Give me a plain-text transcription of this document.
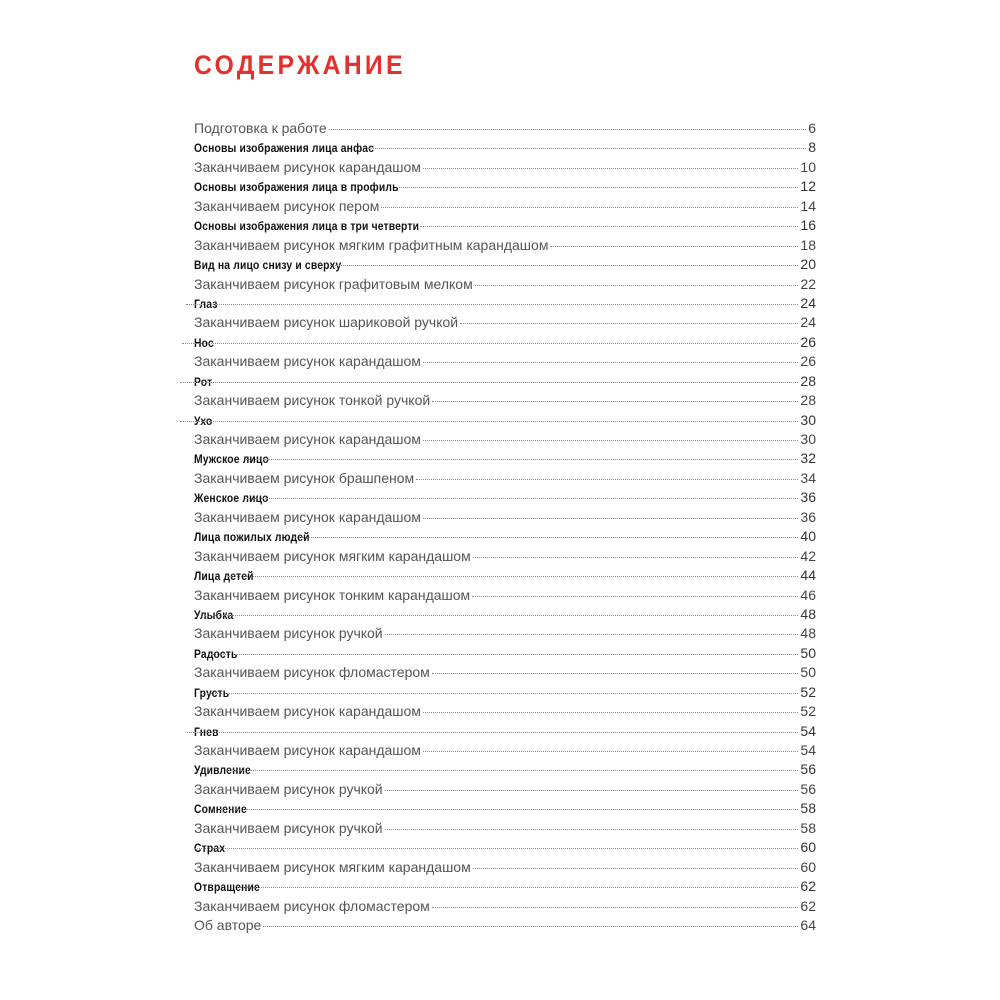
СОДЕРЖАНИЕ
Подготовка к работе	6
Основы изображения лица анфас	8
Заканчиваем рисунок карандашом	10
Основы изображения лица в профиль	12
Заканчиваем рисунок пером	14
Основы изображения лица в три четверти	16
Заканчиваем рисунок мягким графитным карандашом	18
Вид на лицо снизу и сверху	20
Заканчиваем рисунок графитовым мелком	22
Глаз	24
Заканчиваем рисунок шариковой ручкой	24
Нос	26
Заканчиваем рисунок карандашом	26
Рот	28
Заканчиваем рисунок тонкой ручкой	28
Ухо	30
Заканчиваем рисунок карандашом	30
Мужское лицо	32
Заканчиваем рисунок брашпеном	34
Женское лицо	36
Заканчиваем рисунок карандашом	36
Лица пожилых людей	40
Заканчиваем рисунок мягким карандашом	42
Лица детей	44
Заканчиваем рисунок тонким карандашом	46
Улыбка	48
Заканчиваем рисунок ручкой	48
Радость	50
Заканчиваем рисунок фломастером	50
Грусть	52
Заканчиваем рисунок карандашом	52
Гнев	54
Заканчиваем рисунок карандашом	54
Удивление	56
Заканчиваем рисунок ручкой	56
Сомнение	58
Заканчиваем рисунок ручкой	58
Страх	60
Заканчиваем рисунок мягким карандашом	60
Отвращение	62
Заканчиваем рисунок фломастером	62
Об авторе	64
